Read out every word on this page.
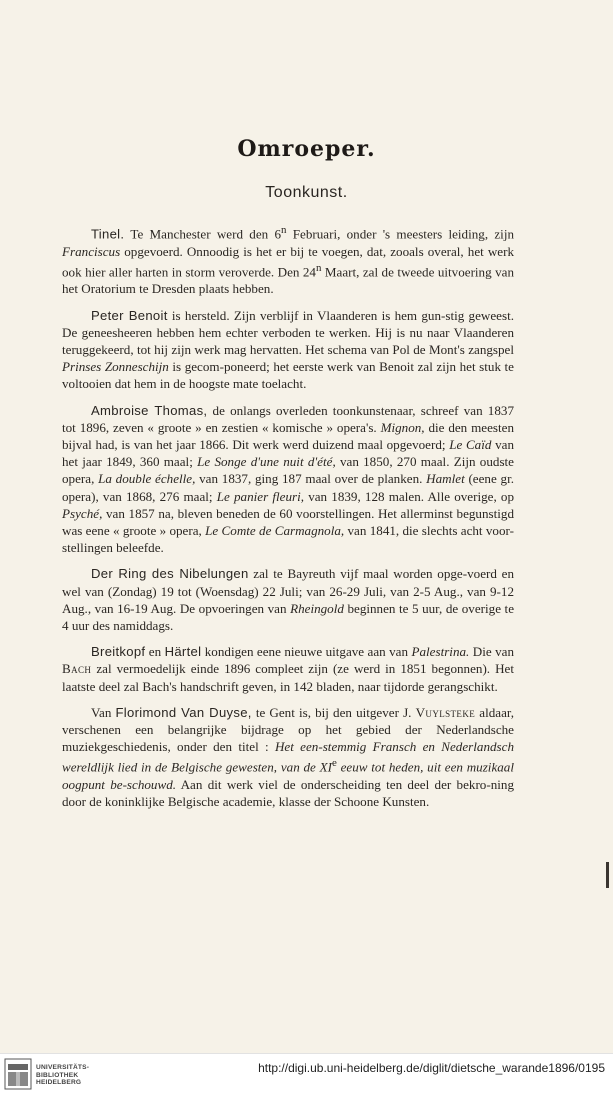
Omroeper.
Toonkunst.

Tinel. Te Manchester werd den 6$^n$ Februari, onder 's meesters leiding, zijn Franciscus opgevoerd. Onnoodig is het er bij te voegen, dat, zooals overal, het werk ook hier aller harten in storm veroverde. Den 24$^n$ Maart, zal de tweede uitvoering van het Oratorium te Dresden plaats hebben.

Peter Benoit is hersteld. Zijn verblijf in Vlaanderen is hem gun-stig geweest. De geneesheeren hebben hem echter verboden te werken. Hij is nu naar Vlaanderen teruggekeerd, tot hij zijn werk mag hervatten. Het schema van Pol de Mont's zangspel Prinses Zonneschijn is gecom-poneerd; het eerste werk van Benoit zal zijn het stuk te voltooien dat hem in de hoogste mate toelacht.

Ambroise Thomas, de onlangs overleden toonkunstenaar, schreef van 1837 tot 1896, zeven « groote » en zestien « komische » opera's. Mignon, die den meesten bijval had, is van het jaar 1866. Dit werk werd duizend maal opgevoerd; Le Caïd van het jaar 1849, 360 maal; Le Songe d'une nuit d'été, van 1850, 270 maal. Zijn oudste opera, La double échelle, van 1837, ging 187 maal over de planken. Hamlet (eene gr. opera), van 1868, 276 maal; Le panier fleuri, van 1839, 128 malen. Alle overige, op Psyché, van 1857 na, bleven beneden de 60 voorstellingen. Het allerminst begunstigd was eene « groote » opera, Le Comte de Carmagnola, van 1841, die slechts acht voor-stellingen beleefde.

Der Ring des Nibelungen zal te Bayreuth vijf maal worden opge-voerd en wel van (Zondag) 19 tot (Woensdag) 22 Juli; van 26-29 Juli, van 2-5 Aug., van 9-12 Aug., van 16-19 Aug. De opvoeringen van Rheingold beginnen te 5 uur, de overige te 4 uur des namiddags.

Breitkopf en Härtel kondigen eene nieuwe uitgave aan van Palestrina. Die van Bach zal vermoedelijk einde 1896 compleet zijn (ze werd in 1851 begonnen). Het laatste deel zal Bach's handschrift geven, in 142 bladen, naar tijdorde gerangschikt.

Van Florimond Van Duyse, te Gent is, bij den uitgever J. Vuylsteke aldaar, verschenen een belangrijke bijdrage op het gebied der Nederlandsche muziekgeschiedenis, onder den titel : Het een-stemmig Fransch en Nederlandsch wereldlijk lied in de Belgische gewesten, van de XIe eeuw tot heden, uit een muzikaal oogpunt be-schouwd. Aan dit werk viel de onderscheiding ten deel der bekro-ning door de koninklijke Belgische academie, klasse der Schoone Kunsten.

UNIVERSITÄTS-
BIBLIOTHEK
HEIDELBERG
http://digi.ub.uni-heidelberg.de/diglit/dietsche_warande1896/0195
